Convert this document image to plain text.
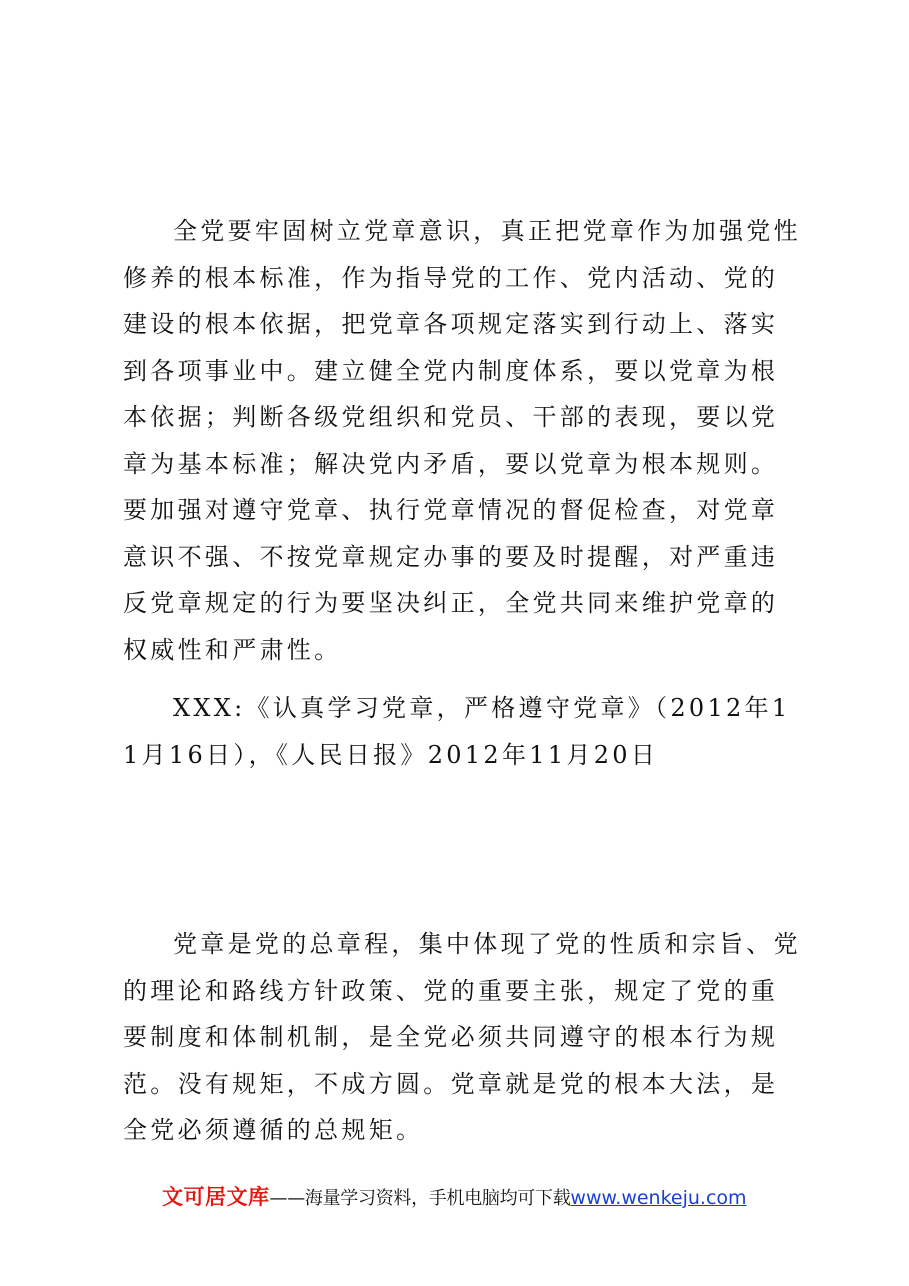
全党要牢固树立党章意识，真正把党章作为加强党性修养的根本标准，作为指导党的工作、党内活动、党的建设的根本依据，把党章各项规定落实到行动上、落实到各项事业中。建立健全党内制度体系，要以党章为根本依据；判断各级党组织和党员、干部的表现，要以党章为基本标准；解决党内矛盾，要以党章为根本规则。要加强对遵守党章、执行党章情况的督促检查，对党章意识不强、不按党章规定办事的要及时提醒，对严重违反党章规定的行为要坚决纠正，全党共同来维护党章的权威性和严肃性。

XXX:《认真学习党章，严格遵守党章》（2012年11月16日），《人民日报》2012年11月20日

党章是党的总章程，集中体现了党的性质和宗旨、党的理论和路线方针政策、党的重要主张，规定了党的重要制度和体制机制，是全党必须共同遵守的根本行为规范。没有规矩，不成方圆。党章就是党的根本大法，是全党必须遵循的总规矩。

文可居文库——海量学习资料，手机电脑均可下载www.wenkeju.com
